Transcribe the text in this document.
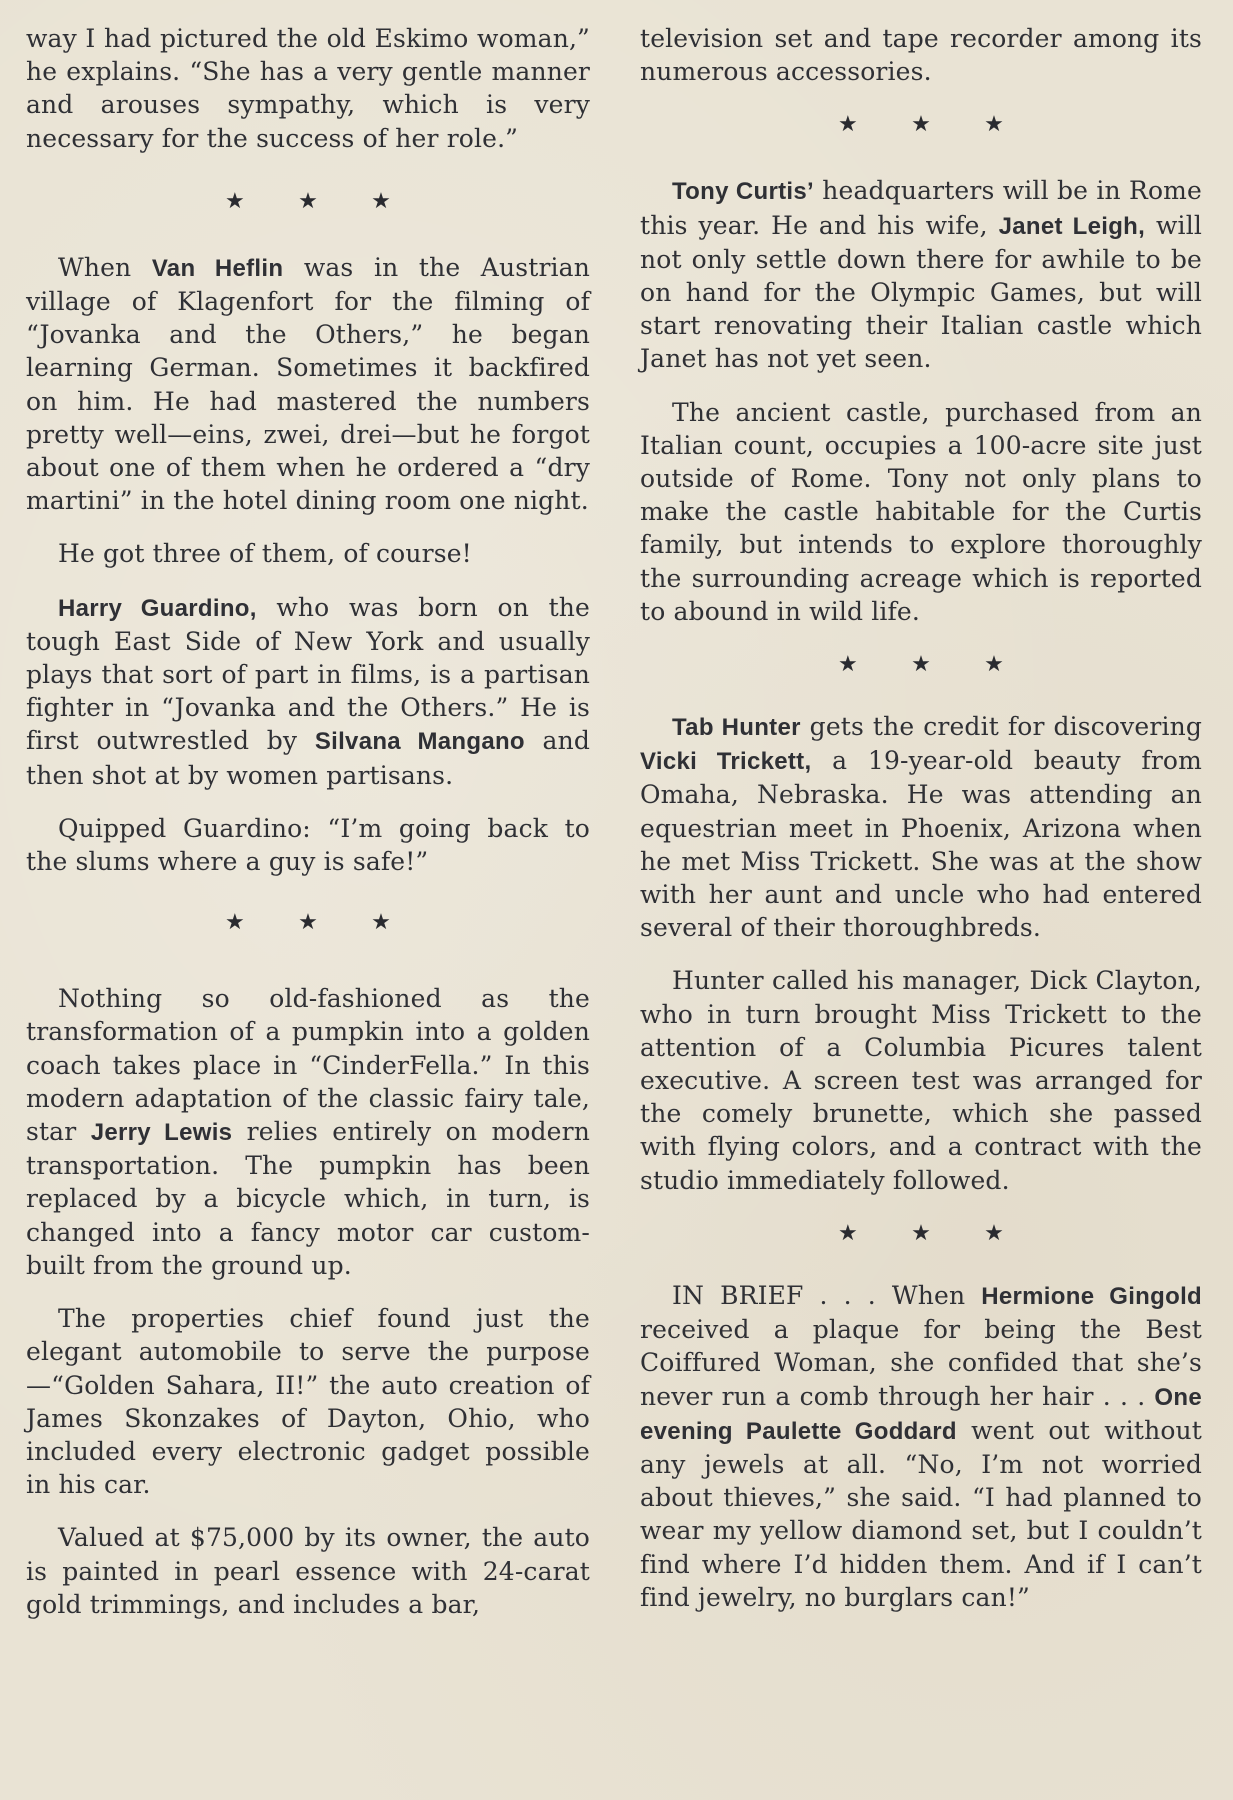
way I had pictured the old Eskimo woman,” he explains. “She has a very gentle manner and arouses sympathy, which is very necessary for the success of her role.”

★ ★ ★

When Van Heflin was in the Austrian village of Klagenfort for the filming of “Jovanka and the Others,” he began learning German. Sometimes it backfired on him. He had mastered the numbers pretty well—eins, zwei, drei—but he forgot about one of them when he ordered a “dry martini” in the hotel dining room one night.

He got three of them, of course!

Harry Guardino, who was born on the tough East Side of New York and usually plays that sort of part in films, is a partisan fighter in “Jovanka and the Others.” He is first outwrestled by Silvana Mangano and then shot at by women partisans.

Quipped Guardino: “I’m going back to the slums where a guy is safe!”

★ ★ ★

Nothing so old-fashioned as the transformation of a pumpkin into a golden coach takes place in “CinderFella.” In this modern adaptation of the classic fairy tale, star Jerry Lewis relies entirely on modern transportation. The pumpkin has been replaced by a bicycle which, in turn, is changed into a fancy motor car custom-built from the ground up.

The properties chief found just the elegant automobile to serve the purpose —“Golden Sahara, II!” the auto creation of James Skonzakes of Dayton, Ohio, who included every electronic gadget possible in his car.

Valued at $75,000 by its owner, the auto is painted in pearl essence with 24-carat gold trimmings, and includes a bar,

television set and tape recorder among its numerous accessories.

★ ★ ★

Tony Curtis’ headquarters will be in Rome this year. He and his wife, Janet Leigh, will not only settle down there for awhile to be on hand for the Olympic Games, but will start renovating their Italian castle which Janet has not yet seen.

The ancient castle, purchased from an Italian count, occupies a 100-acre site just outside of Rome. Tony not only plans to make the castle habitable for the Curtis family, but intends to explore thoroughly the surrounding acreage which is reported to abound in wild life.

★ ★ ★

Tab Hunter gets the credit for discovering Vicki Trickett, a 19-year-old beauty from Omaha, Nebraska. He was attending an equestrian meet in Phoenix, Arizona when he met Miss Trickett. She was at the show with her aunt and uncle who had entered several of their thoroughbreds.

Hunter called his manager, Dick Clayton, who in turn brought Miss Trickett to the attention of a Columbia Picures talent executive. A screen test was arranged for the comely brunette, which she passed with flying colors, and a contract with the studio immediately followed.

★ ★ ★

IN BRIEF . . . When Hermione Gingold received a plaque for being the Best Coiffured Woman, she confided that she’s never run a comb through her hair . . . One evening Paulette Goddard went out without any jewels at all. “No, I’m not worried about thieves,” she said. “I had planned to wear my yellow diamond set, but I couldn’t find where I’d hidden them. And if I can’t find jewelry, no burglars can!”
